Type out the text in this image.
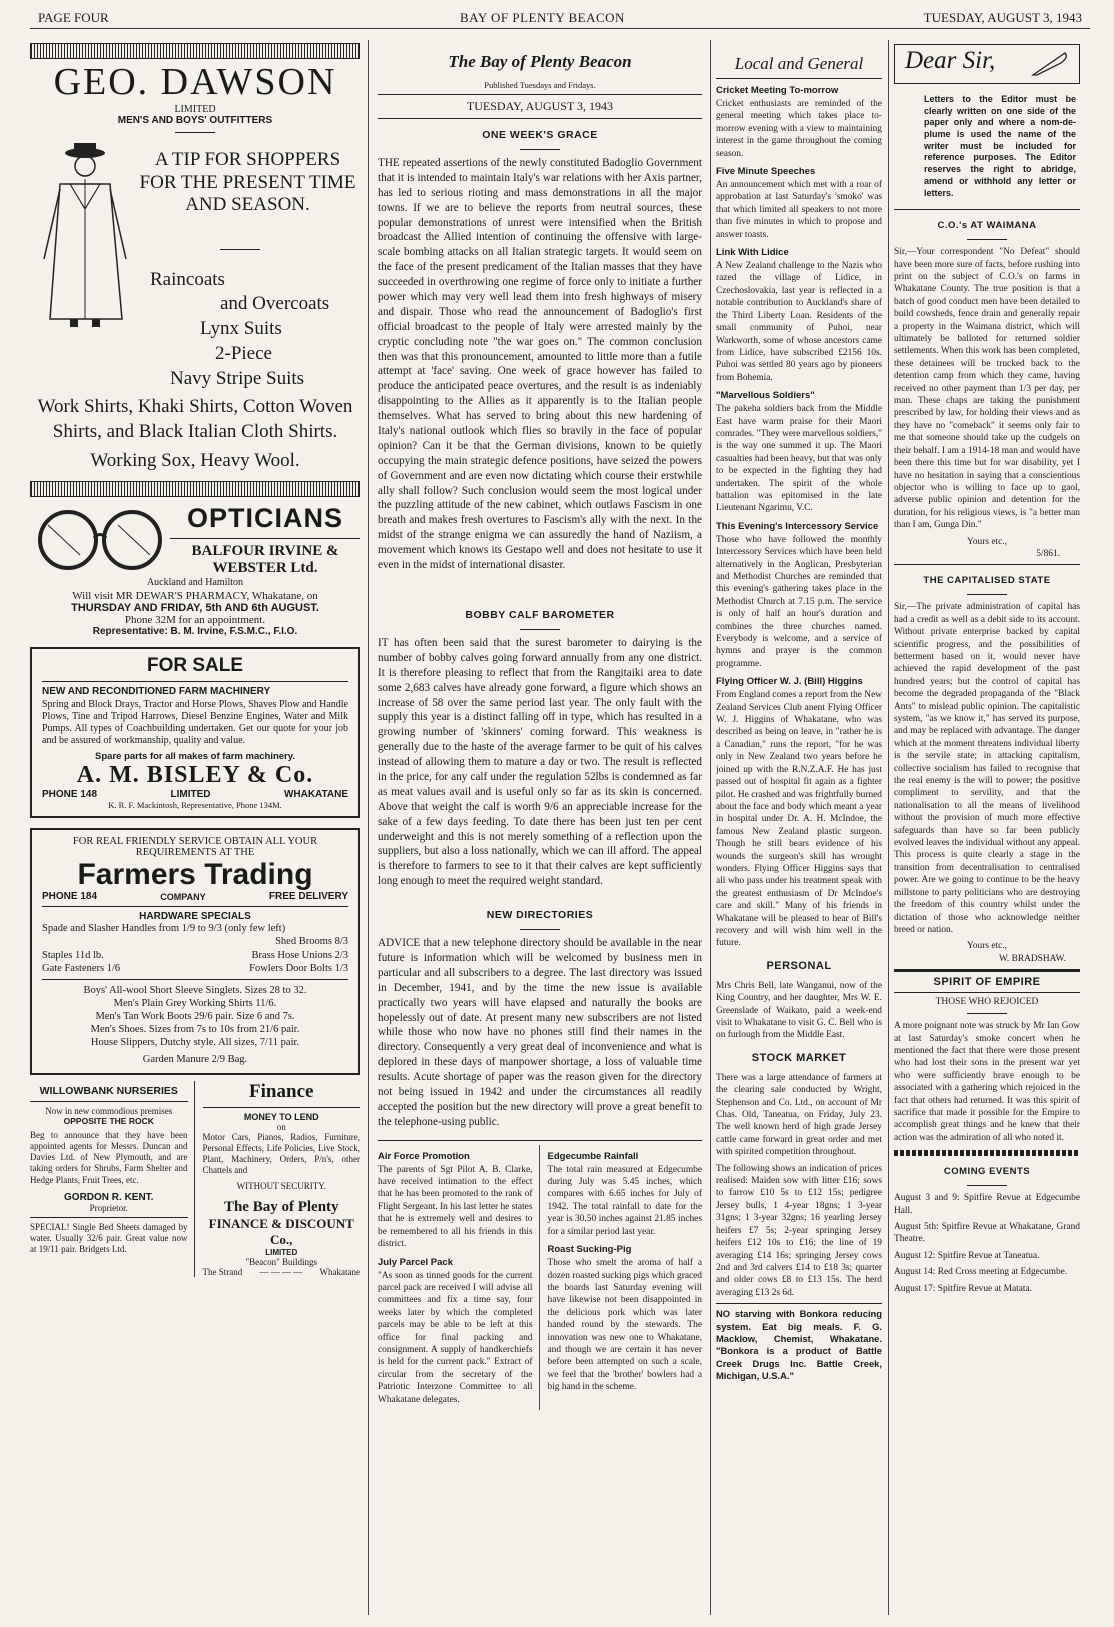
PAGE FOUR	BAY OF PLENTY BEACON	TUESDAY, AUGUST 3, 1943
GEO. DAWSON
LIMITED
MEN'S AND BOYS' OUTFITTERS
A TIP FOR SHOPPERS FOR THE PRESENT TIME AND SEASON.
Raincoats
and Overcoats
Lynx Suits
2-Piece
Navy Stripe Suits
Work Shirts, Khaki Shirts, Cotton Woven Shirts, and Black Italian Cloth Shirts.
Working Sox, Heavy Wool.
OPTICIANS
BALFOUR IRVINE & WEBSTER Ltd.
Auckland and Hamilton
Will visit MR DEWAR'S PHARMACY, Whakatane, on
THURSDAY AND FRIDAY, 5th AND 6th AUGUST.
Phone 32M for an appointment.
Representative: B. M. Irvine, F.S.M.C., F.I.O.
FOR SALE
NEW AND RECONDITIONED FARM MACHINERY

Spring and Block Drays, Tractor and Horse Plows, Shaves Plow and Handle Plows, Tine and Tripod Harrows, Diesel Benzine Engines, Water and Milk Pumps. All types of Coachbuilding undertaken. Get our quote for your job and be assured of workmanship, quality and value.

Spare parts for all makes of farm machinery.
A. M. BISLEY & Co.
PHONE 148	LIMITED	WHAKATANE
K. R. F. Mackintosh, Representative, Phone 134M.
FOR REAL FRIENDLY SERVICE OBTAIN ALL YOUR REQUIREMENTS AT THE
Farmers Trading
PHONE 184	COMPANY	FREE DELIVERY
HARDWARE SPECIALS
Spade and Slasher Handles from 1/9 to 9/3 (only few left)
Shed Brooms 8/3
Staples 11d lb.	Brass Hose Unions 2/3
Gate Fasteners 1/6	Fowlers Door Bolts 1/3
Boys' All-wool Short Sleeve Singlets. Sizes 28 to 32.
Men's Plain Grey Working Shirts 11/6.
Men's Tan Work Boots 29/6 pair. Size 6 and 7s.
Men's Shoes. Sizes from 7s to 10s from 21/6 pair.
House Slippers, Dutchy style. All sizes, 7/11 pair.
Garden Manure 2/9 Bag.
WILLOWBANK NURSERIES
Now in new commodious premises
OPPOSITE THE ROCK

Beg to announce that they have been appointed agents for Messrs. Duncan and Davies Ltd. of New Plymouth, and are taking orders for Shrubs, Farm Shelter and Hedge Plants, Fruit Trees, etc.

GORDON R. KENT.
Proprietor.

SPECIAL! Single Bed Sheets damaged by water. Usually 32/6 pair. Great value now at 19/11 pair. Bridgets Ltd.

Finance
MONEY TO LEND
on

Motor Cars, Pianos, Radios, Furniture, Personal Effects, Life Policies, Live Stock, Plant, Machinery, Orders, P/n's, other Chattels and

WITHOUT SECURITY.
The Bay of Plenty
FINANCE & DISCOUNT Co.,
LIMITED
"Beacon" Buildings
The Strand — — — — Whakatane
The Bay of Plenty Beacon
Published Tuesdays and Fridays.
TUESDAY, AUGUST 3, 1943
ONE WEEK'S GRACE

THE repeated assertions of the newly constituted Badoglio Government that it is intended to maintain Italy's war relations with her Axis partner, has led to serious rioting and mass demonstrations in all the major towns. If we are to believe the reports from neutral sources, these popular demonstrations of unrest were intensified when the British broadcast the Allied intention of continuing the offensive with large-scale bombing attacks on all Italian strategic targets. It would seem on the face of the present predicament of the Italian masses that they have succeeded in overthrowing one regime of force only to initiate a further power which may very well lead them into fresh highways of misery and dispair. Those who read the announcement of Badoglio's first official broadcast to the people of Italy were arrested mainly by the cryptic concluding note "the war goes on." The common conclusion then was that this pronouncement, amounted to little more than a futile attempt at 'face' saving. One week of grace however has failed to produce the anticipated peace overtures, and the result is as indeniably disappointing to the Allies as it apparently is to the Italian people themselves. What has served to bring about this new hardening of Italy's national outlook which flies so bravily in the face of popular opinion? Can it be that the German divisions, known to be quietly occupying the main strategic defence positions, have seized the powers of Government and are even now dictating which course their erstwhile ally shall follow? Such conclusion would seem the most logical under the puzzling attitude of the new cabinet, which outlaws Fascism in one breath and makes fresh overtures to Fascism's ally with the next. In the midst of the strange enigma we can assuredly the hand of Naziism, a movement which knows its Gestapo well and does not hesitate to use it even in the midst of international disaster.

BOBBY CALF BAROMETER

IT has often been said that the surest barometer to dairying is the number of bobby calves going forward annually from any one district. It is therefore pleasing to reflect that from the Rangitaiki area to date some 2,683 calves have already gone forward, a figure which shows an increase of 58 over the same period last year. The only fault with the supply this year is a distinct falling off in type, which has resulted in a growing number of 'skinners' coming forward. This weakness is generally due to the haste of the average farmer to be quit of his calves instead of allowing them to mature a day or two. The result is reflected in the price, for any calf under the regulation 52lbs is condemned as far as meat values avail and is useful only so far as its skin is concerned. Above that weight the calf is worth 9/6 an appreciable increase for the sake of a few days feeding. To date there has been just ten per cent underweight and this is not merely something of a reflection upon the suppliers, but also a loss nationally, which we can ill afford. The appeal is therefore to farmers to see to it that their calves are kept sufficiently long enough to meet the required weight standard.

NEW DIRECTORIES

ADVICE that a new telephone directory should be available in the near future is information which will be welcomed by business men in particular and all subscribers to a degree. The last directory was issued in December, 1941, and by the time the new issue is available practically two years will have elapsed and naturally the books are hopelessly out of date. At present many new subscribers are not listed while those who now have no phones still find their names in the directory. Consequently a very great deal of inconvenience and what is deplored in these days of manpower shortage, a loss of valuable time results. Acute shortage of paper was the reason given for the directory not being issued in 1942 and under the circumstances all readily accepted the position but the new directory will prove a great benefit to the telephone-using public.

Air Force Promotion

The parents of Sgt Pilot A. B. Clarke, have received intimation to the effect that he has been promoted to the rank of Flight Sergeant. In his last letter he states that he is extremely well and desires to be remembered to all his friends in this district.

July Parcel Pack

"As soon as tinned goods for the current parcel pack are received I will advise all committees and fix a time say, four weeks later by which the completed parcels may be able to be left at this office for final packing and consignment. A supply of handkerchiefs is held for the current pack." Extract of circular from the secretary of the Patriotic Interzone Committee to all Whakatane delegates.

Edgecumbe Rainfall

The total rain measured at Edgecumbe during July was 5.45 inches, which compares with 6.65 inches for July of 1942. The total rainfall to date for the year is 30.50 inches against 21.85 inches for a similar period last year.

Roast Sucking-Pig

Those who smelt the aroma of half a dozen roasted sucking pigs which graced the boards last Saturday evening will have likewise not been disappointed in the delicious pork which was later handed round by the stewards. The innovation was new one to Whakatane, and though we are certain it has never before been attempted on such a scale, we feel that the 'brother' bowlers had a big hand in the scheme.

Local and General
Cricket Meeting To-morrow

Cricket enthusiasts are reminded of the general meeting which takes place to-morrow evening with a view to maintaining interest in the game throughout the coming season.

Five Minute Speeches

An announcement which met with a roar of approbation at last Saturday's 'smoko' was that which limited all speakers to not more than five minutes in which to propose and answer toasts.

Link With Lidice

A New Zealand challenge to the Nazis who razed the village of Lidice, in Czechoslovakia, last year is reflected in a notable contribution to Auckland's share of the Third Liberty Loan. Residents of the small community of Puhoi, near Warkworth, some of whose ancestors came from Lidice, have subscribed £2156 10s. Puhoi was settled 80 years ago by pioneers from Bohemia.

"Marvellous Soldiers"

The pakeha soldiers back from the Middle East have warm praise for their Maori comrades. "They were marvellous soldiers," is the way one summed it up. The Maori casualties had been heavy, but that was only to be expected in the fighting they had undertaken. The spirit of the whole battalion was epitomised in the late Lieutenant Ngarimu, V.C.

This Evening's Intercessory Service

Those who have followed the monthly Intercessory Services which have been held alternatively in the Anglican, Presbyterian and Methodist Churches are reminded that this evening's gathering takes place in the Methodist Church at 7.15 p.m. The service is only of half an hour's duration and combines the three churches named. Everybody is welcome, and a service of hymns and prayer is the common programme.

Flying Officer W. J. (Bill) Higgins

From England comes a report from the New Zealand Services Club anent Flying Officer W. J. Higgins of Whakatane, who was described as being on leave, in "rather he is a Canadian," runs the report, "for he was only in New Zealand two years before he joined up with the R.N.Z.A.F. He has just passed out of hospital fit again as a fighter pilot. He crashed and was frightfully burned about the face and body which meant a year in hospital under Dr. A. H. McIndoe, the famous New Zealand plastic surgeon. Though he still bears evidence of his wounds the surgeon's skill has wrought wonders. Flying Officer Higgins says that all who pass under his treatment speak with the greatest enthusiasm of Dr McIndoe's care and skill." Many of his friends in Whakatane will be pleased to hear of Bill's recovery and will wish him well in the future.

PERSONAL

Mrs Chris Bell, late Wanganui, now of the King Country, and her daughter, Mrs W. E. Greenslade of Waikato, paid a week-end visit to Whakatane to visit G. C. Bell who is on furlough from the Middle East.

STOCK MARKET

There was a large attendance of farmers at the clearing sale conducted by Wright, Stephenson and Co. Ltd., on account of Mr Chas. Old, Taneatua, on Friday, July 23. The well known herd of high grade Jersey cattle came forward in great order and met with spirited competition throughout.

The following shows an indication of prices realised: Maiden sow with litter £16; sows to farrow £10 5s to £12 15s; pedigree Jersey bulls, 1 4-year 18gns; 1 3-year 31gns; 1 3-year 32gns; 16 yearling Jersey heifers £7 5s; 2-year springing Jersey heifers £12 10s to £16; the line of 19 averaging £14 16s; springing Jersey cows 2nd and 3rd calvers £14 to £18 3s; quarter and older cows £8 to £13 15s. The herd averaging £13 2s 6d.

NO starving with Bonkora reducing system. Eat big meals. F. G. Macklow, Chemist, Whakatane. "Bonkora is a product of Battle Creek Drugs Inc. Battle Creek, Michigan, U.S.A."

Dear Sir,

Letters to the Editor must be clearly written on one side of the paper only and where a nom-de-plume is used the name of the writer must be included for reference purposes. The Editor reserves the right to abridge, amend or withhold any letter or letters.

C.O.'s AT WAIMANA

Sir,—Your correspondent "No Defeat" should have been more sure of facts, before rushing into print on the subject of C.O.'s on farms in Whakatane County. The true position is that a batch of good conduct men have been detailed to build cowsheds, fence drain and generally repair a property in the Waimana district, which will ultimately be balloted for returned soldier settlements. When this work has been completed, these detainees will be trucked back to the detention camp from which they came, having received no other payment than 1/3 per day, per man. These chaps are taking the punishment prescribed by law, for holding their views and as they have no "comeback" it seems only fair to me that someone should take up the cudgels on their behalf. I am a 1914-18 man and would have been there this time but for war disability, yet I have no hesitation in saying that a conscientious objector who is willing to face up to gaol, adverse public opinion and detention for the duration, for his religious views, is "a better man than I am, Gunga Din."

Yours etc.,
5/861.
THE CAPITALISED STATE

Sir,—The private administration of capital has had a credit as well as a debit side to its account. Without private enterprise backed by capital scientific progress, and the possibilities of betterment based on it, would never have achieved the rapid development of the past hundred years; but the control of capital has become the degraded propaganda of the "Black Ants" to mislead public opinion. The capitalistic system, "as we know it," has served its purpose, and may be replaced with advantage. The danger which at the moment threatens individual liberty is the servile state; in attacking capitalism, collective socialism has failed to recognise that the real enemy is the will to power; the positive compliment to servility, and that the nationalisation to all the means of livelihood without the provision of much more effective safeguards than have so far been publicly evolved leaves the individual without any appeal. This process is quite clearly a stage in the transition from decentralisation to centralised power. Are we going to continue to be the heavy millstone to party politicians who are destroying the freedom of this country whilst under the dictation of those who acknowledge neither breed or nation.

Yours etc.,
W. BRADSHAW.
SPIRIT OF EMPIRE
THOSE WHO REJOICED

A more poignant note was struck by Mr Ian Gow at last Saturday's smoke concert when he mentioned the fact that there were those present who had lost their sons in the present war yet who were sufficiently brave enough to be associated with a gathering which rejoiced in the fact that others had returned. It was this spirit of sacrifice that made it possible for the Empire to accomplish great things and he knew that their action was the admiration of all who noted it.

COMING EVENTS

August 3 and 9: Spitfire Revue at Edgecumbe Hall.

August 5th: Spitfire Revue at Whakatane, Grand Theatre.

August 12: Spitfire Revue at Taneatua.

August 14: Red Cross meeting at Edgecumbe.

August 17: Spitfire Revue at Matata.
